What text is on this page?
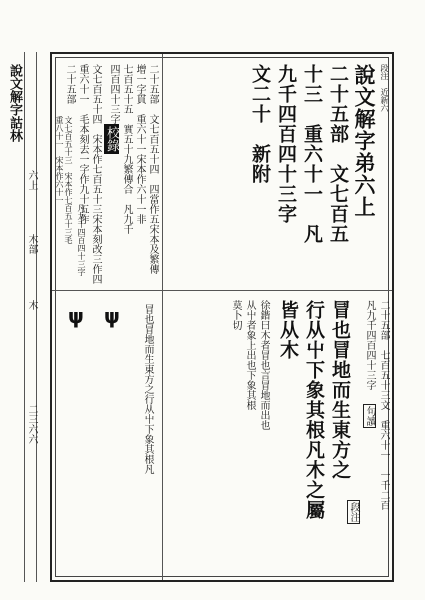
說文解字詁林
六上
木部
木
二三六六
二十五部　文七百五十四　四當作五宋本及繁傳
增一字貫　重六十一宋本作六十一非
七百五十五　實五十九繁傳合　凡九千
四百四十三字
校錄
文七百五十四　宋本作七百五十三宋本刻改三作四
重六十一　毛本刻去一字作九十五作
二十五部
文七百五十三　宋本作七百五十三毛
重八十一　宋本作六十一
凡九千四百四十三字
ψ ψ 冒也冒地而生東方之行从屮下象其根凡
段注　近新六
說文解字弟六上
二十五部　文七百五
十三　重六十一　凡
九千四百四十三字
文二十　新附
二十五部　七百五十三文　重六十一　一千二百
凡九千四百四十三字
句讀
冒也冒地而生東方之
行从屮下象其根凡木之屬
皆从木
徐鍇曰木者冒也言冒地而出也
从屮者象上出也下象其根
莫卜切
段注
